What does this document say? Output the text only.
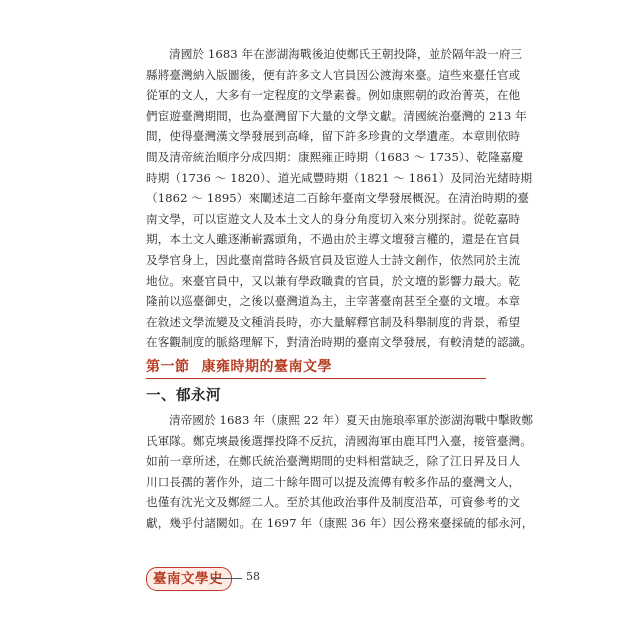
清國於 1683 年在澎湖海戰後迫使鄭氏王朝投降，並於隔年設一府三

縣將臺灣納入版圖後，便有許多文人官員因公渡海來臺。這些來臺任官或

從軍的文人，大多有一定程度的文學素養。例如康熙朝的政治菁英，在他

們宦遊臺灣期間，也為臺灣留下大量的文學文獻。清國統治臺灣的 213 年

間，使得臺灣漢文學發展到高峰，留下許多珍貴的文學遺產。本章則依時

間及清帝統治順序分成四期：康熙雍正時期（1683 ～ 1735）、乾隆嘉慶

時期（1736 ～ 1820）、道光咸豐時期（1821 ～ 1861）及同治光緒時期

（1862 ～ 1895）來闡述這二百餘年臺南文學發展概況。在清治時期的臺

南文學，可以宦遊文人及本土文人的身分角度切入來分別探討。從乾嘉時

期，本土文人雖逐漸嶄露頭角，不過由於主導文壇發言權的，還是在官員

及學官身上，因此臺南當時各級官員及宦遊人士詩文創作，依然同於主流

地位。來臺官員中，又以兼有學政職責的官員，於文壇的影響力最大。乾

隆前以巡臺御史，之後以臺灣道為主，主宰著臺南甚至全臺的文壇。本章

在敘述文學流變及文種消長時，亦大量解釋官制及科舉制度的背景，希望

在客觀制度的脈絡理解下，對清治時期的臺南文學發展，有較清楚的認識。

第一節 康雍時期的臺南文學
一、郁永河

清帝國於 1683 年（康熙 22 年）夏天由施琅率軍於澎湖海戰中擊敗鄭

氏軍隊。鄭克塽最後選擇投降不反抗，清國海軍由鹿耳門入臺，接管臺灣。

如前一章所述，在鄭氏統治臺灣期間的史料相當缺乏，除了江日昇及日人

川口長孺的著作外，這二十餘年間可以提及流傳有較多作品的臺灣文人，

也僅有沈光文及鄭經二人。至於其他政治事件及制度沿革，可資參考的文

獻，幾乎付諸闕如。在 1697 年（康熙 36 年）因公務來臺採硫的郁永河，

臺南文學史	58
